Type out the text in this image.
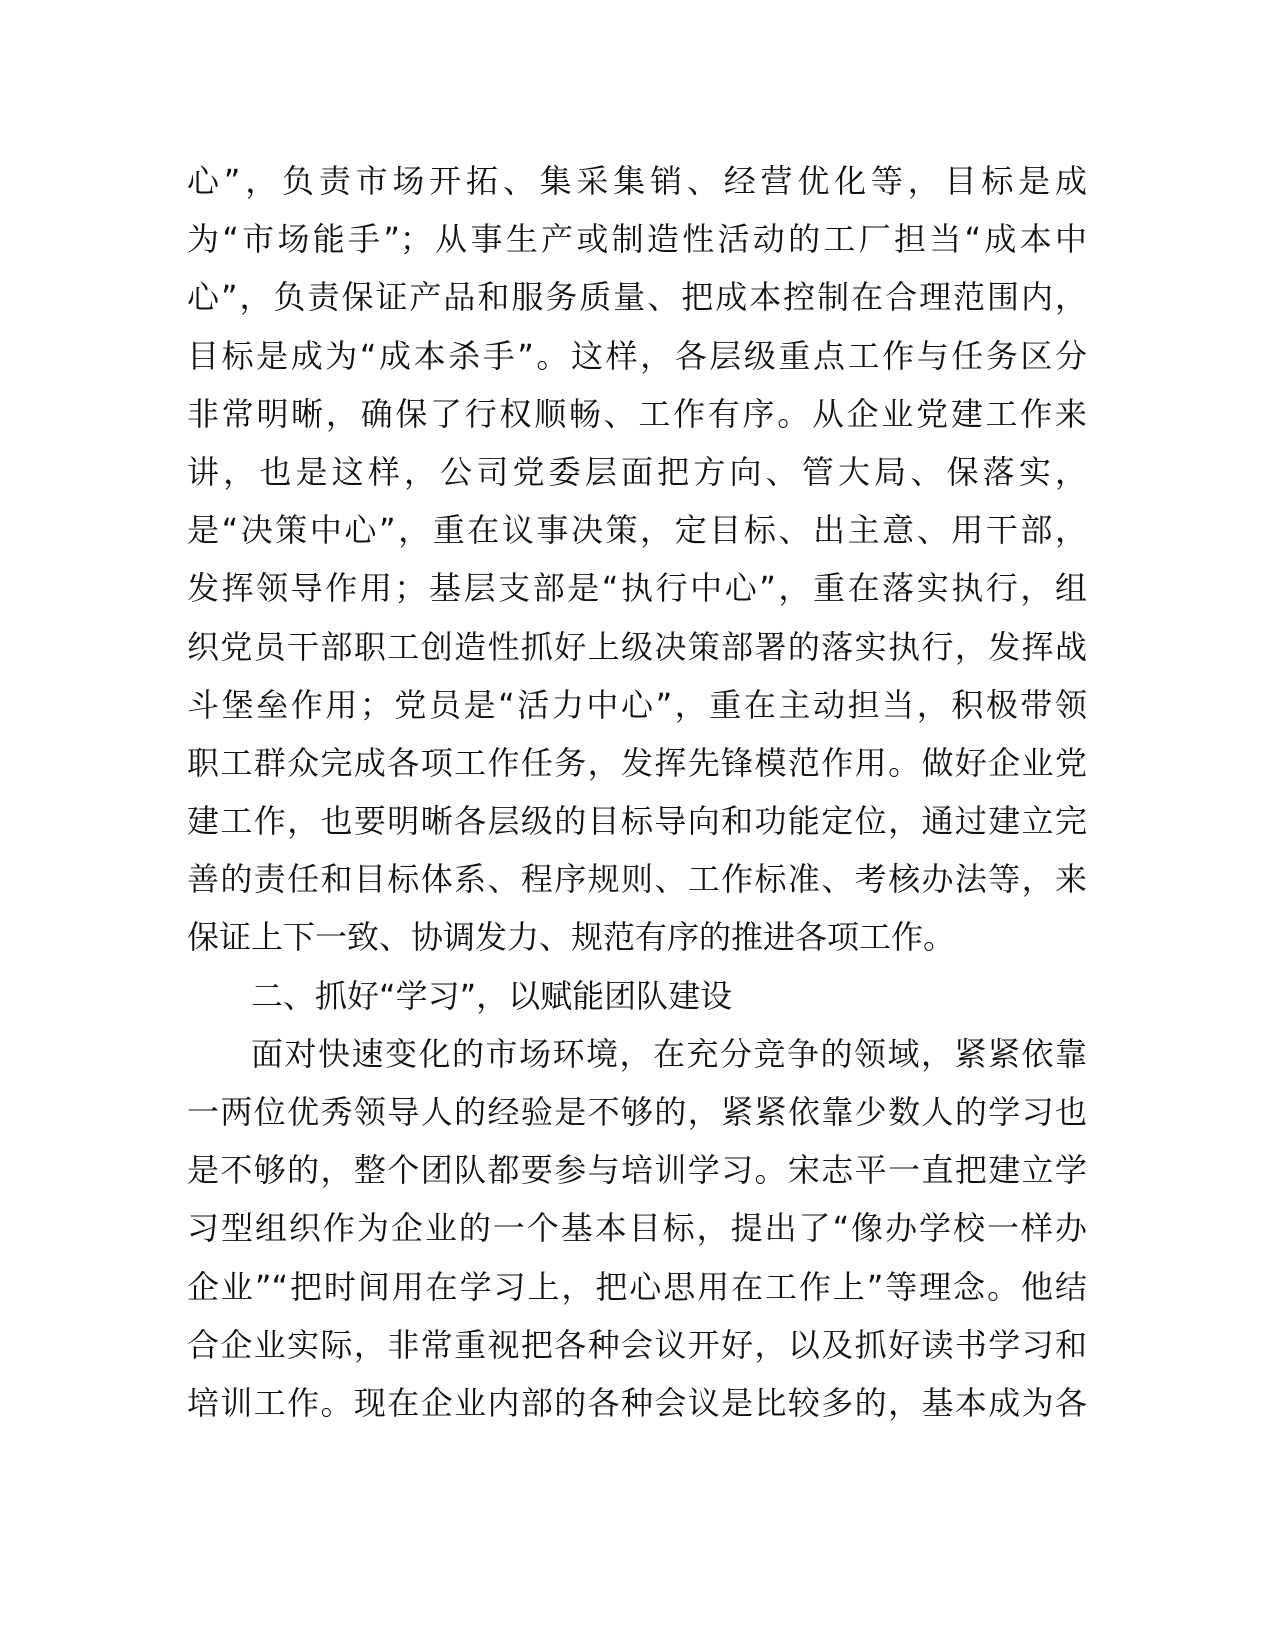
心”，负责市场开拓、集采集销、经营优化等，目标是成
为“市场能手”；从事生产或制造性活动的工厂担当“成本中
心”，负责保证产品和服务质量、把成本控制在合理范围内，
目标是成为“成本杀手”。这样，各层级重点工作与任务区分
非常明晰，确保了行权顺畅、工作有序。从企业党建工作来
讲，也是这样，公司党委层面把方向、管大局、保落实，
是“决策中心”，重在议事决策，定目标、出主意、用干部，
发挥领导作用；基层支部是“执行中心”，重在落实执行，组
织党员干部职工创造性抓好上级决策部署的落实执行，发挥战
斗堡垒作用；党员是“活力中心”，重在主动担当，积极带领
职工群众完成各项工作任务，发挥先锋模范作用。做好企业党
建工作，也要明晰各层级的目标导向和功能定位，通过建立完
善的责任和目标体系、程序规则、工作标准、考核办法等，来
保证上下一致、协调发力、规范有序的推进各项工作。
二、抓好“学习”，以赋能团队建设
面对快速变化的市场环境，在充分竞争的领域，紧紧依靠
一两位优秀领导人的经验是不够的，紧紧依靠少数人的学习也
是不够的，整个团队都要参与培训学习。宋志平一直把建立学
习型组织作为企业的一个基本目标，提出了“像办学校一样办
企业”“把时间用在学习上，把心思用在工作上”等理念。他结
合企业实际，非常重视把各种会议开好，以及抓好读书学习和
培训工作。现在企业内部的各种会议是比较多的，基本成为各
